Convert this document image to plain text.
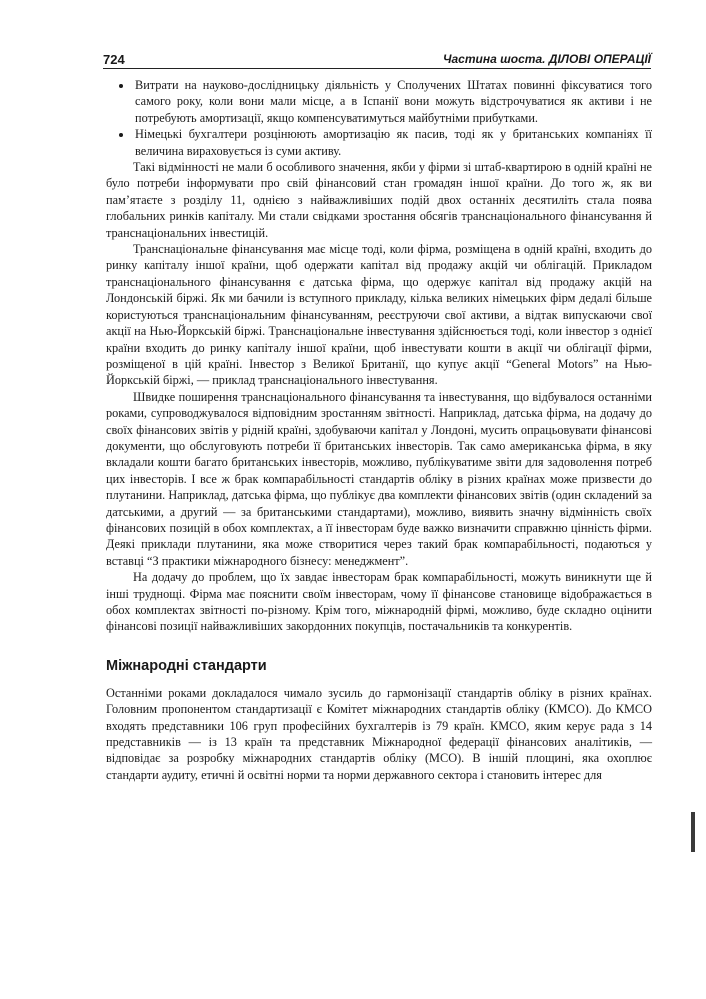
724	Частина шоста. ДІЛОВІ ОПЕРАЦІЇ
• Витрати на науково-дослідницьку діяльність у Сполучених Штатах повинні фіксуватися того самого року, коли вони мали місце, а в Іспанії вони можуть відстрочуватися як активи і не потребують амортизації, якщо компенсуватимуться майбутніми прибутками.
• Німецькі бухгалтери розцінюють амортизацію як пасив, тоді як у британських компаніях її величина вираховується із суми активу.

Такі відмінності не мали б особливого значення, якби у фірми зі штаб-квартирою в одній країні не було потреби інформувати про свій фінансовий стан громадян іншої країни. До того ж, як ви пам’ятаєте з розділу 11, однією з найважливіших подій двох останніх десятиліть стала поява глобальних ринків капіталу. Ми стали свідками зростання обсягів транснаціонального фінансування й транснаціональних інвестицій.

Транснаціональне фінансування має місце тоді, коли фірма, розміщена в одній країні, входить до ринку капіталу іншої країни, щоб одержати капітал від продажу акцій чи облігацій. Прикладом транснаціонального фінансування є датська фірма, що одержує капітал від продажу акцій на Лондонській біржі. Як ми бачили із вступного прикладу, кілька великих німецьких фірм дедалі більше користуються транснаціональним фінансуванням, реєструючи свої активи, а відтак випускаючи свої акції на Нью-Йоркській біржі. Транснаціональне інвестування здійснюється тоді, коли інвестор з однієї країни входить до ринку капіталу іншої країни, щоб інвестувати кошти в акції чи облігації фірми, розміщеної в цій країні. Інвестор з Великої Британії, що купує акції “General Motors” на Нью-Йоркській біржі, — приклад транснаціонального інвестування.

Швидке поширення транснаціонального фінансування та інвестування, що відбувалося останніми роками, супроводжувалося відповідним зростанням звітності. Наприклад, датська фірма, на додачу до своїх фінансових звітів у рідній країні, здобуваючи капітал у Лондоні, мусить опрацьовувати фінансові документи, що обслуговують потреби її британських інвесторів. Так само американська фірма, в яку вкладали кошти багато британських інвесторів, можливо, публікуватиме звіти для задоволення потреб цих інвесторів. І все ж брак компарабільності стандартів обліку в різних країнах може призвести до плутанини. Наприклад, датська фірма, що публікує два комплекти фінансових звітів (один складений за датськими, а другий — за британськими стандартами), можливо, виявить значну відмінність своїх фінансових позицій в обох комплектах, а її інвесторам буде важко визначити справжню цінність фірми. Деякі приклади плутанини, яка може створитися через такий брак компарабільності, подаються у вставці “З практики міжнародного бізнесу: менеджмент”.

На додачу до проблем, що їх завдає інвесторам брак компарабільності, можуть виникнути ще й інші труднощі. Фірма має пояснити своїм інвесторам, чому її фінансове становище відображається в обох комплектах звітності по-різному. Крім того, міжнародній фірмі, можливо, буде складно оцінити фінансові позиції найважливіших закордонних покупців, постачальників та конкурентів.

Міжнародні стандарти

Останніми роками докладалося чимало зусиль до гармонізації стандартів обліку в різних країнах. Головним пропонентом стандартизації є Комітет міжнародних стандартів обліку (КМСО). До КМСО входять представники 106 груп професійних бухгалтерів із 79 країн. КМСО, яким керує рада з 14 представників — із 13 країн та представник Міжнародної федерації фінансових аналітиків, — відповідає за розробку міжнародних стандартів обліку (МСО). В іншій площині, яка охоплює стандарти аудиту, етичні й освітні норми та норми державного сектора і становить інтерес для
